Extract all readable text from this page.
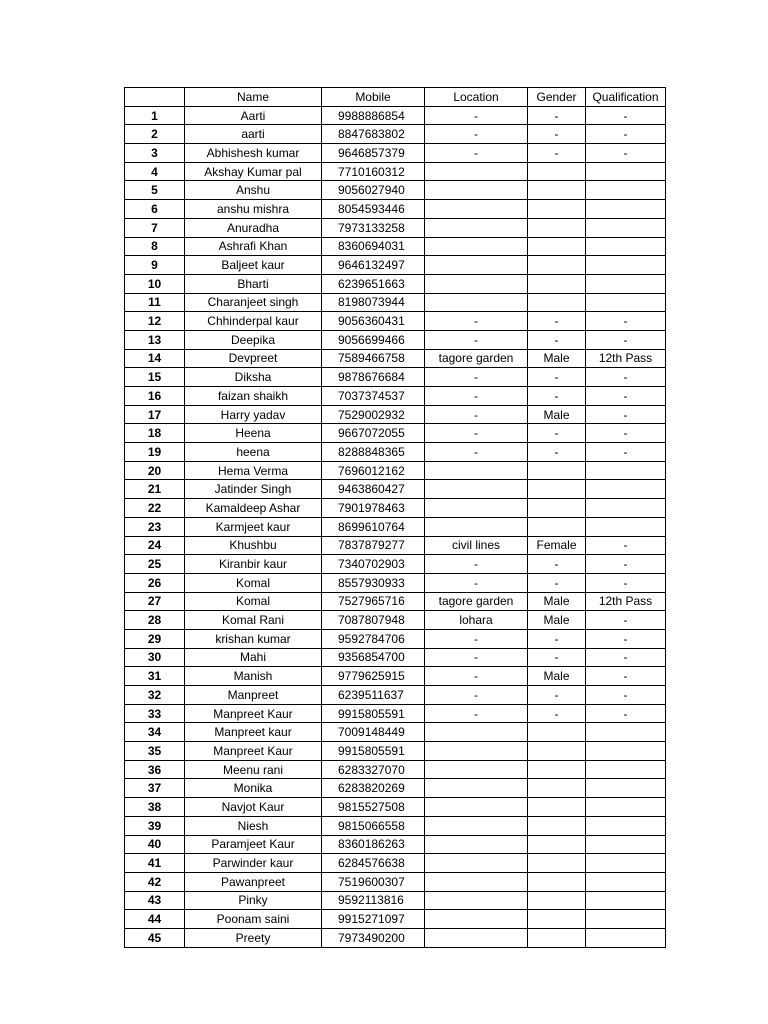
	Name	Mobile	Location	Gender	Qualification
1	Aarti	9988886854	-	-	-
2	aarti	8847683802	-	-	-
3	Abhishesh kumar	9646857379	-	-	-
4	Akshay Kumar pal	7710160312			
5	Anshu	9056027940			
6	anshu mishra	8054593446			
7	Anuradha	7973133258			
8	Ashrafi Khan	8360694031			
9	Baljeet kaur	9646132497			
10	Bharti	6239651663			
11	Charanjeet singh	8198073944			
12	Chhinderpal kaur	9056360431	-	-	-
13	Deepika	9056699466	-	-	-
14	Devpreet	7589466758	tagore garden	Male	12th Pass
15	Diksha	9878676684	-	-	-
16	faizan shaikh	7037374537	-	-	-
17	Harry yadav	7529002932	-	Male	-
18	Heena	9667072055	-	-	-
19	heena	8288848365	-	-	-
20	Hema Verma	7696012162			
21	Jatinder Singh	9463860427			
22	Kamaldeep Ashar	7901978463			
23	Karmjeet kaur	8699610764			
24	Khushbu	7837879277	civil lines	Female	-
25	Kiranbir kaur	7340702903	-	-	-
26	Komal	8557930933	-	-	-
27	Komal	7527965716	tagore garden	Male	12th Pass
28	Komal Rani	7087807948	lohara	Male	-
29	krishan kumar	9592784706	-	-	-
30	Mahi	9356854700	-	-	-
31	Manish	9779625915	-	Male	-
32	Manpreet	6239511637	-	-	-
33	Manpreet Kaur	9915805591	-	-	-
34	Manpreet kaur	7009148449			
35	Manpreet Kaur	9915805591			
36	Meenu rani	6283327070			
37	Monika	6283820269			
38	Navjot Kaur	9815527508			
39	Niesh	9815066558			
40	Paramjeet Kaur	8360186263			
41	Parwinder kaur	6284576638			
42	Pawanpreet	7519600307			
43	Pinky	9592113816			
44	Poonam saini	9915271097			
45	Preety	7973490200			
